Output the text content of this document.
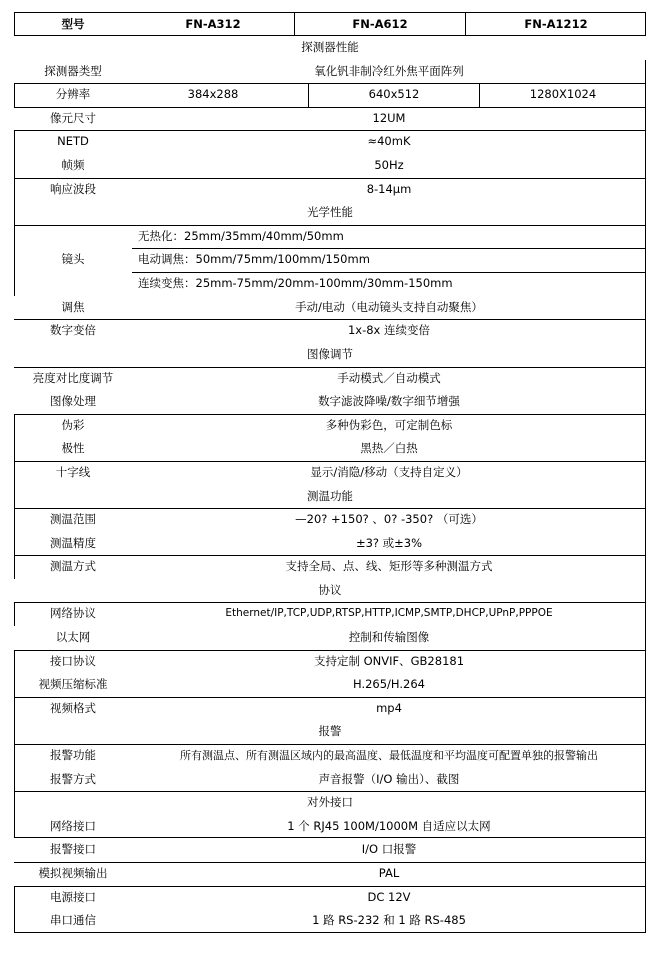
型号	FN-A312	FN-A612	FN-A1212
探测器性能
探测器类型	氧化钒非制冷红外焦平面阵列
分辨率	384x288	640x512	1280X1024
像元尺寸	12UM
NETD	≈40mK
帧频	50Hz
响应波段	8-14μm
光学性能
镜头
无热化：25mm/35mm/40mm/50mm
电动调焦：50mm/75mm/100mm/150mm
连续变焦：25mm-75mm/20mm-100mm/30mm-150mm
调焦	手动/电动（电动镜头支持自动聚焦）
数字变倍	1x-8x 连续变倍
图像调节
亮度对比度调节	手动模式／自动模式
图像处理	数字滤波降噪/数字细节增强
伪彩	多种伪彩色，可定制色标
极性	黑热／白热
十字线	显示/消隐/移动（支持自定义）
测温功能
测温范围	—20? +150? 、0? -350? （可选）
测温精度	±3? 或±3%
测温方式	支持全局、点、线、矩形等多种测温方式
协议
网络协议	Ethernet/IP,TCP,UDP,RTSP,HTTP,ICMP,SMTP,DHCP,UPnP,PPPOE
以太网	控制和传输图像
接口协议	支持定制 ONVIF、GB28181
视频压缩标准	H.265/H.264
视频格式	mp4
报警
报警功能	所有测温点、所有测温区域内的最高温度、最低温度和平均温度可配置单独的报警输出
报警方式	声音报警（I/O 输出）、截图
对外接口
网络接口	1 个 RJ45 100M/1000M 自适应以太网
报警接口	I/O 口报警
模拟视频输出	PAL
电源接口	DC 12V
串口通信	1 路 RS-232 和 1 路 RS-485
